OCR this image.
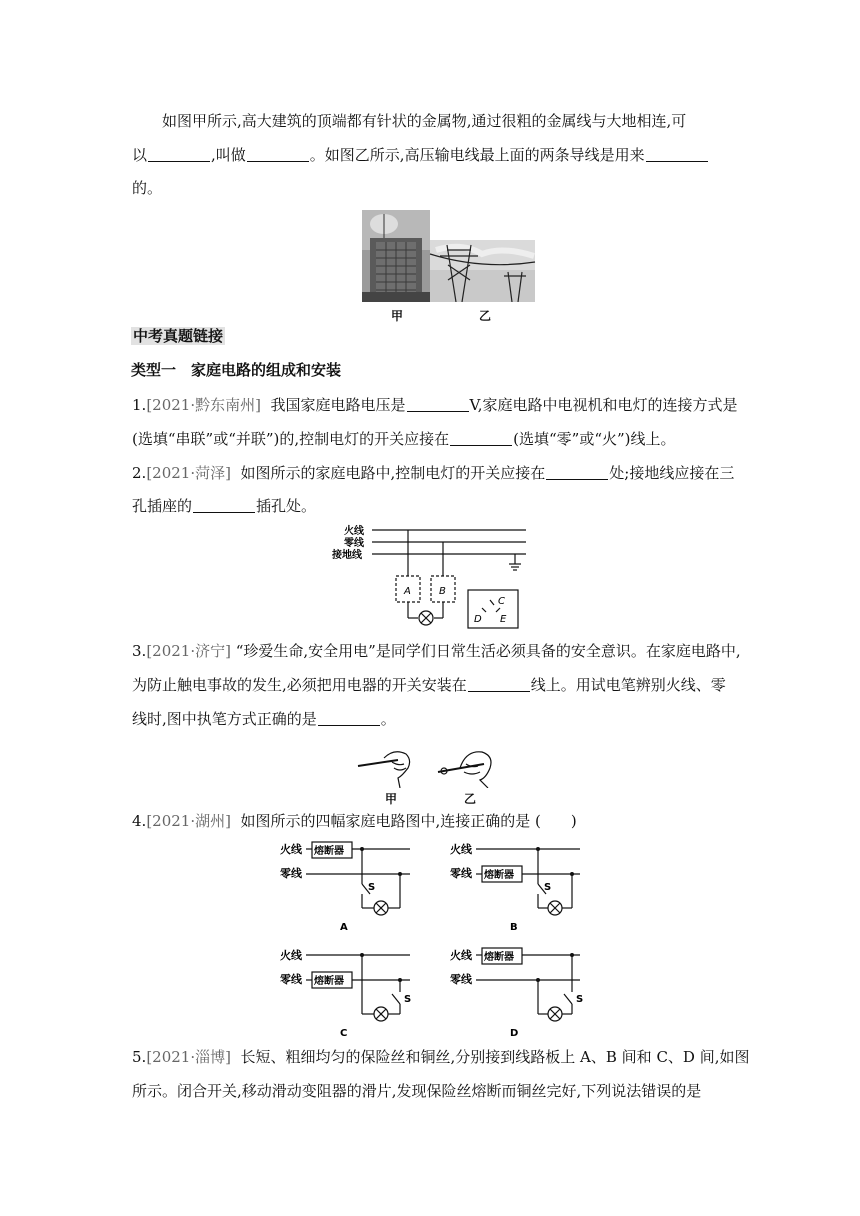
如图甲所示,高大建筑的顶端都有针状的金属物,通过很粗的金属线与大地相连,可
以	,叫做	。如图乙所示,高压输电线最上面的两条导线是用来
的。
甲	乙
中考真题链接
类型一　家庭电路的组成和安装
1.[2021·黔东南州] 我国家庭电路电压是	V,家庭电路中电视机和电灯的连接方式是
(选填“串联”或“并联”)的,控制电灯的开关应接在	(选填“零”或“火”)线上。
2.[2021·菏泽] 如图所示的家庭电路中,控制电灯的开关应接在	处;接地线应接在三
孔插座的	插孔处。
火线
零线
接地线
A	B
C
D E
3.[2021·济宁] “珍爱生命,安全用电”是同学们日常生活必须具备的安全意识。在家庭电路中,
为防止触电事故的发生,必须把用电器的开关安装在	线上。用试电笔辨别火线、零
线时,图中执笔方式正确的是	。
甲	乙
4.[2021·湖州] 如图所示的四幅家庭电路图中,连接正确的是 (　　)
火线
零线
熔断器
S
A
火线
零线 熔断器
S
B
火线
零线 熔断器
S
C
火线
零线
熔断器
S
D
5.[2021·淄博] 长短、粗细均匀的保险丝和铜丝,分别接到线路板上 A、B 间和 C、D 间,如图
所示。闭合开关,移动滑动变阻器的滑片,发现保险丝熔断而铜丝完好,下列说法错误的是
